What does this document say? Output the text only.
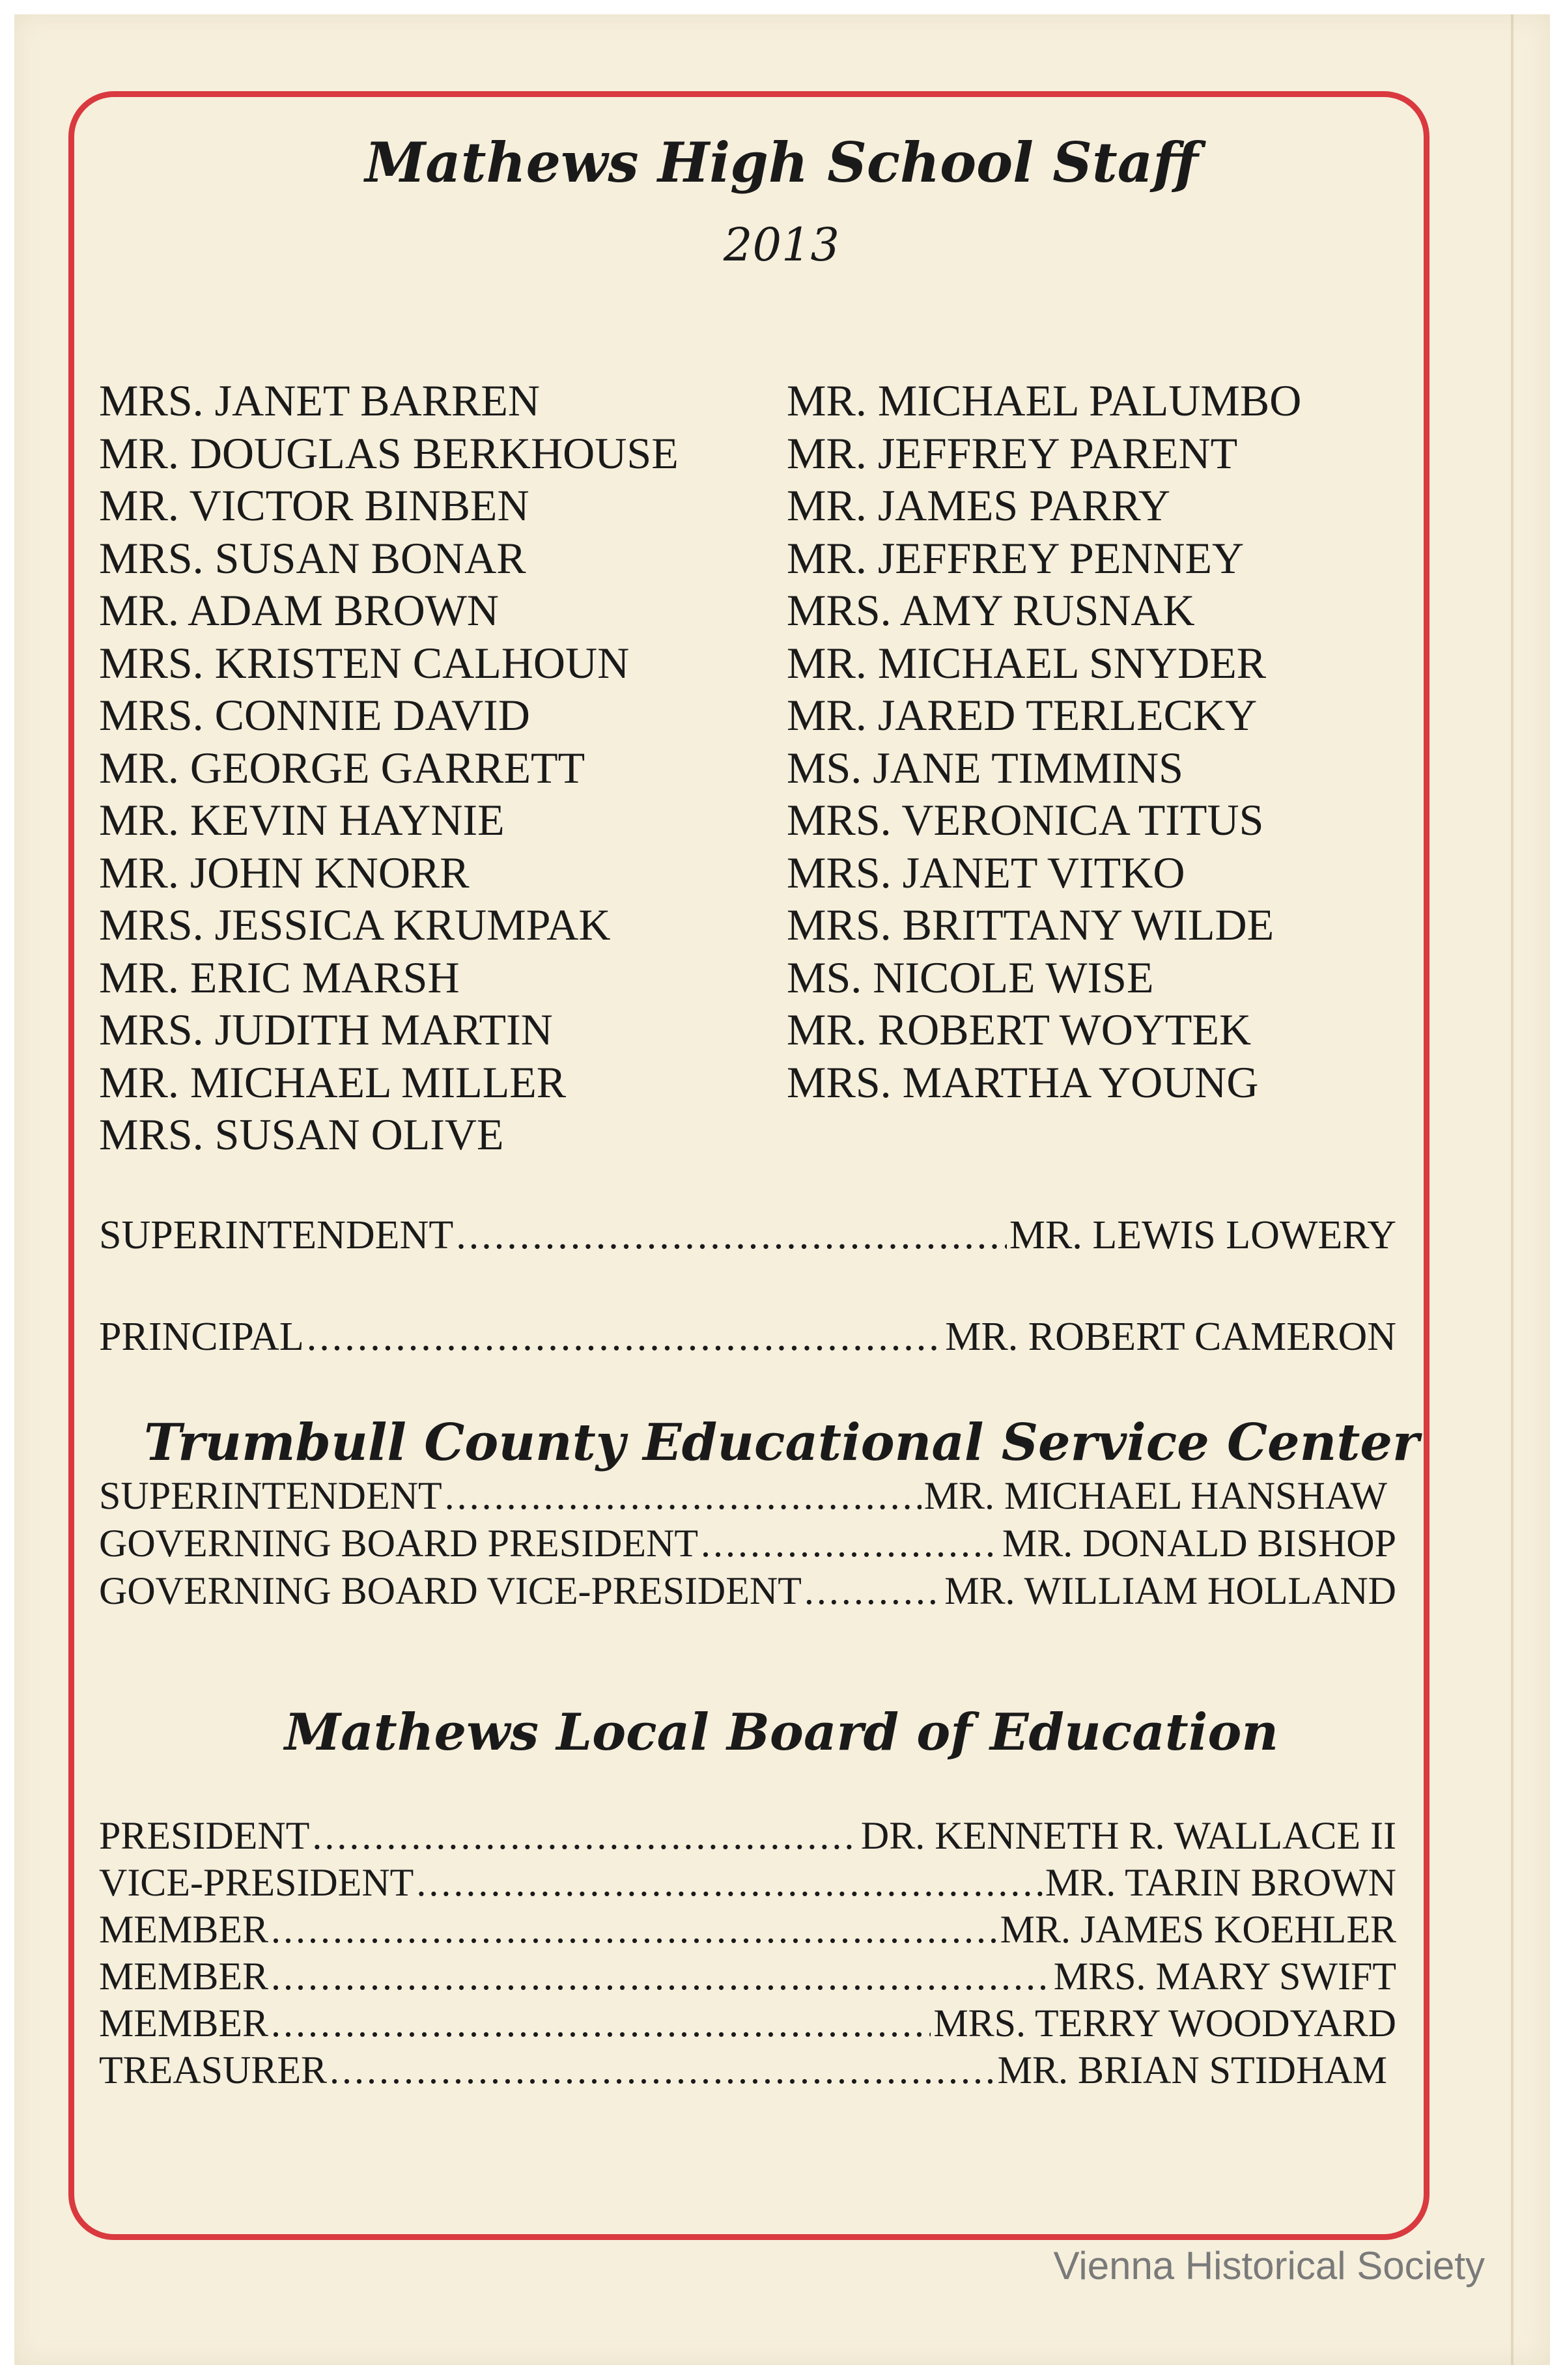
Mathews High School Staff
2013
MRS. JANET BARREN
MR. DOUGLAS BERKHOUSE
MR. VICTOR BINBEN
MRS. SUSAN BONAR
MR. ADAM BROWN
MRS. KRISTEN CALHOUN
MRS. CONNIE DAVID
MR. GEORGE GARRETT
MR. KEVIN HAYNIE
MR. JOHN KNORR
MRS. JESSICA KRUMPAK
MR. ERIC MARSH
MRS. JUDITH MARTIN
MR. MICHAEL MILLER
MRS. SUSAN OLIVE
MR. MICHAEL PALUMBO
MR. JEFFREY PARENT
MR. JAMES PARRY
MR. JEFFREY PENNEY
MRS. AMY RUSNAK
MR. MICHAEL SNYDER
MR. JARED TERLECKY
MS. JANE TIMMINS
MRS. VERONICA TITUS
MRS. JANET VITKO
MRS. BRITTANY WILDE
MS. NICOLE WISE
MR. ROBERT WOYTEK
MRS. MARTHA YOUNG
SUPERINTENDENT .....	MR. LEWIS LOWERY
PRINCIPAL .....	MR. ROBERT CAMERON
Trumbull County Educational Service Center
SUPERINTENDENT .....	MR. MICHAEL HANSHAW
GOVERNING BOARD PRESIDENT .....	MR. DONALD BISHOP
GOVERNING BOARD VICE-PRESIDENT .....	MR. WILLIAM HOLLAND
Mathews Local Board of Education
PRESIDENT .....	DR. KENNETH R. WALLACE II
VICE-PRESIDENT .....	MR. TARIN BROWN
MEMBER .....	MR. JAMES KOEHLER
MEMBER .....	MRS. MARY SWIFT
MEMBER .....	MRS. TERRY WOODYARD
TREASURER .....	MR. BRIAN STIDHAM
Vienna Historical Society
